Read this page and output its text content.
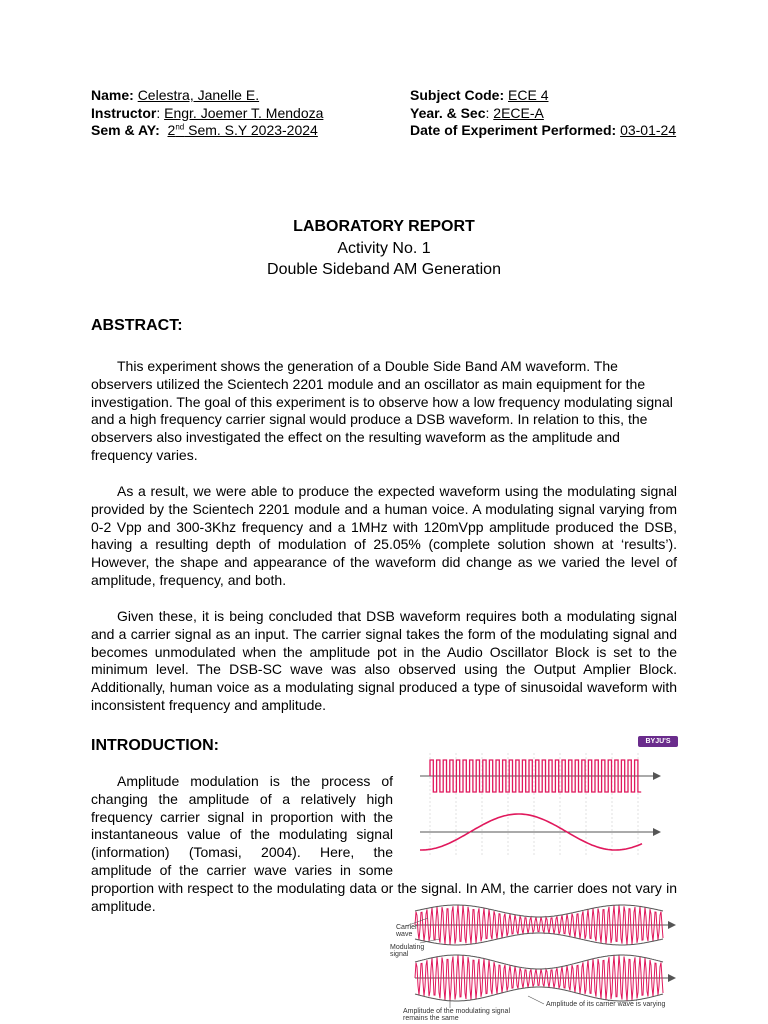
Name: Celestra, Janelle E.
Instructor: Engr. Joemer T. Mendoza
Sem & AY: 2nd Sem. S.Y 2023-2024
Subject Code: ECE 4
Year. & Sec: 2ECE-A
Date of Experiment Performed: 03-01-24
LABORATORY REPORT
Activity No. 1
Double Sideband AM Generation
ABSTRACT:

This experiment shows the generation of a Double Side Band AM waveform. The observers utilized the Scientech 2201 module and an oscillator as main equipment for the investigation. The goal of this experiment is to observe how a low frequency modulating signal and a high frequency carrier signal would produce a DSB waveform. In relation to this, the observers also investigated the effect on the resulting waveform as the amplitude and frequency varies.

As a result, we were able to produce the expected waveform using the modulating signal provided by the Scientech 2201 module and a human voice. A modulating signal varying from 0-2 Vpp and 300-3Khz frequency and a 1MHz with 120mVpp amplitude produced the DSB, having a resulting depth of modulation of 25.05% (complete solution shown at ‘results’). However, the shape and appearance of the waveform did change as we varied the level of amplitude, frequency, and both.

Given these, it is being concluded that DSB waveform requires both a modulating signal and a carrier signal as an input. The carrier signal takes the form of the modulating signal and becomes unmodulated when the amplitude pot in the Audio Oscillator Block is set to the minimum level. The DSB-SC wave was also observed using the Output Amplier Block. Additionally, human voice as a modulating signal produced a type of sinusoidal waveform with inconsistent frequency and amplitude.

INTRODUCTION:
Amplitude modulation is the process of changing the amplitude of a relatively high frequency carrier signal in proportion with the instantaneous value of the modulating signal (information) (Tomasi, 2004). Here, the amplitude of the carrier wave varies in some proportion with respect to the modulating data or the signal. In AM, the carrier does not vary in amplitude.
BYJU'S
Carrier wave
Modulating signal
Amplitude of the modulating signal remains the same
Amplitude of its carrier wave is varying
